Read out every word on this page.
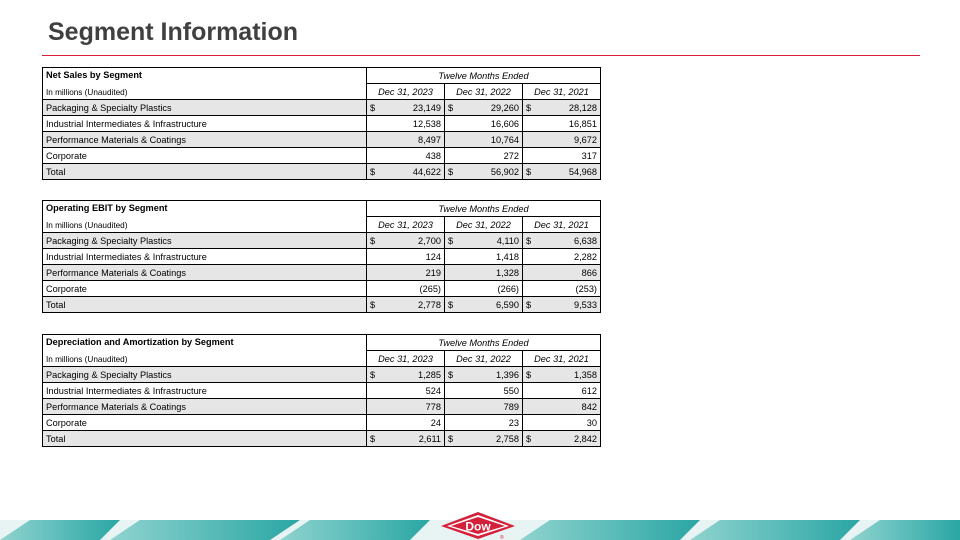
Segment Information
Net Sales by Segment	Twelve Months Ended		
In millions (Unaudited)	Dec 31, 2023	Dec 31, 2022	Dec 31, 2021
Packaging & Specialty Plastics	$ 23,149	$ 29,260	$ 28,128
Industrial Intermediates & Infrastructure	12,538	16,606	16,851
Performance Materials & Coatings	8,497	10,764	9,672
Corporate	438	272	317
Total	$ 44,622	$ 56,902	$ 54,968
Operating EBIT by Segment	Twelve Months Ended		
In millions (Unaudited)	Dec 31, 2023	Dec 31, 2022	Dec 31, 2021
Packaging & Specialty Plastics	$ 2,700	$ 4,110	$ 6,638
Industrial Intermediates & Infrastructure	124	1,418	2,282
Performance Materials & Coatings	219	1,328	866
Corporate	(265)	(266)	(253)
Total	$ 2,778	$ 6,590	$ 9,533
Depreciation and Amortization by Segment	Twelve Months Ended		
In millions (Unaudited)	Dec 31, 2023	Dec 31, 2022	Dec 31, 2021
Packaging & Specialty Plastics	$ 1,285	$ 1,396	$ 1,358
Industrial Intermediates & Infrastructure	524	550	612
Performance Materials & Coatings	778	789	842
Corporate	24	23	30
Total	$ 2,611	$ 2,758	$ 2,842
Dow
®
